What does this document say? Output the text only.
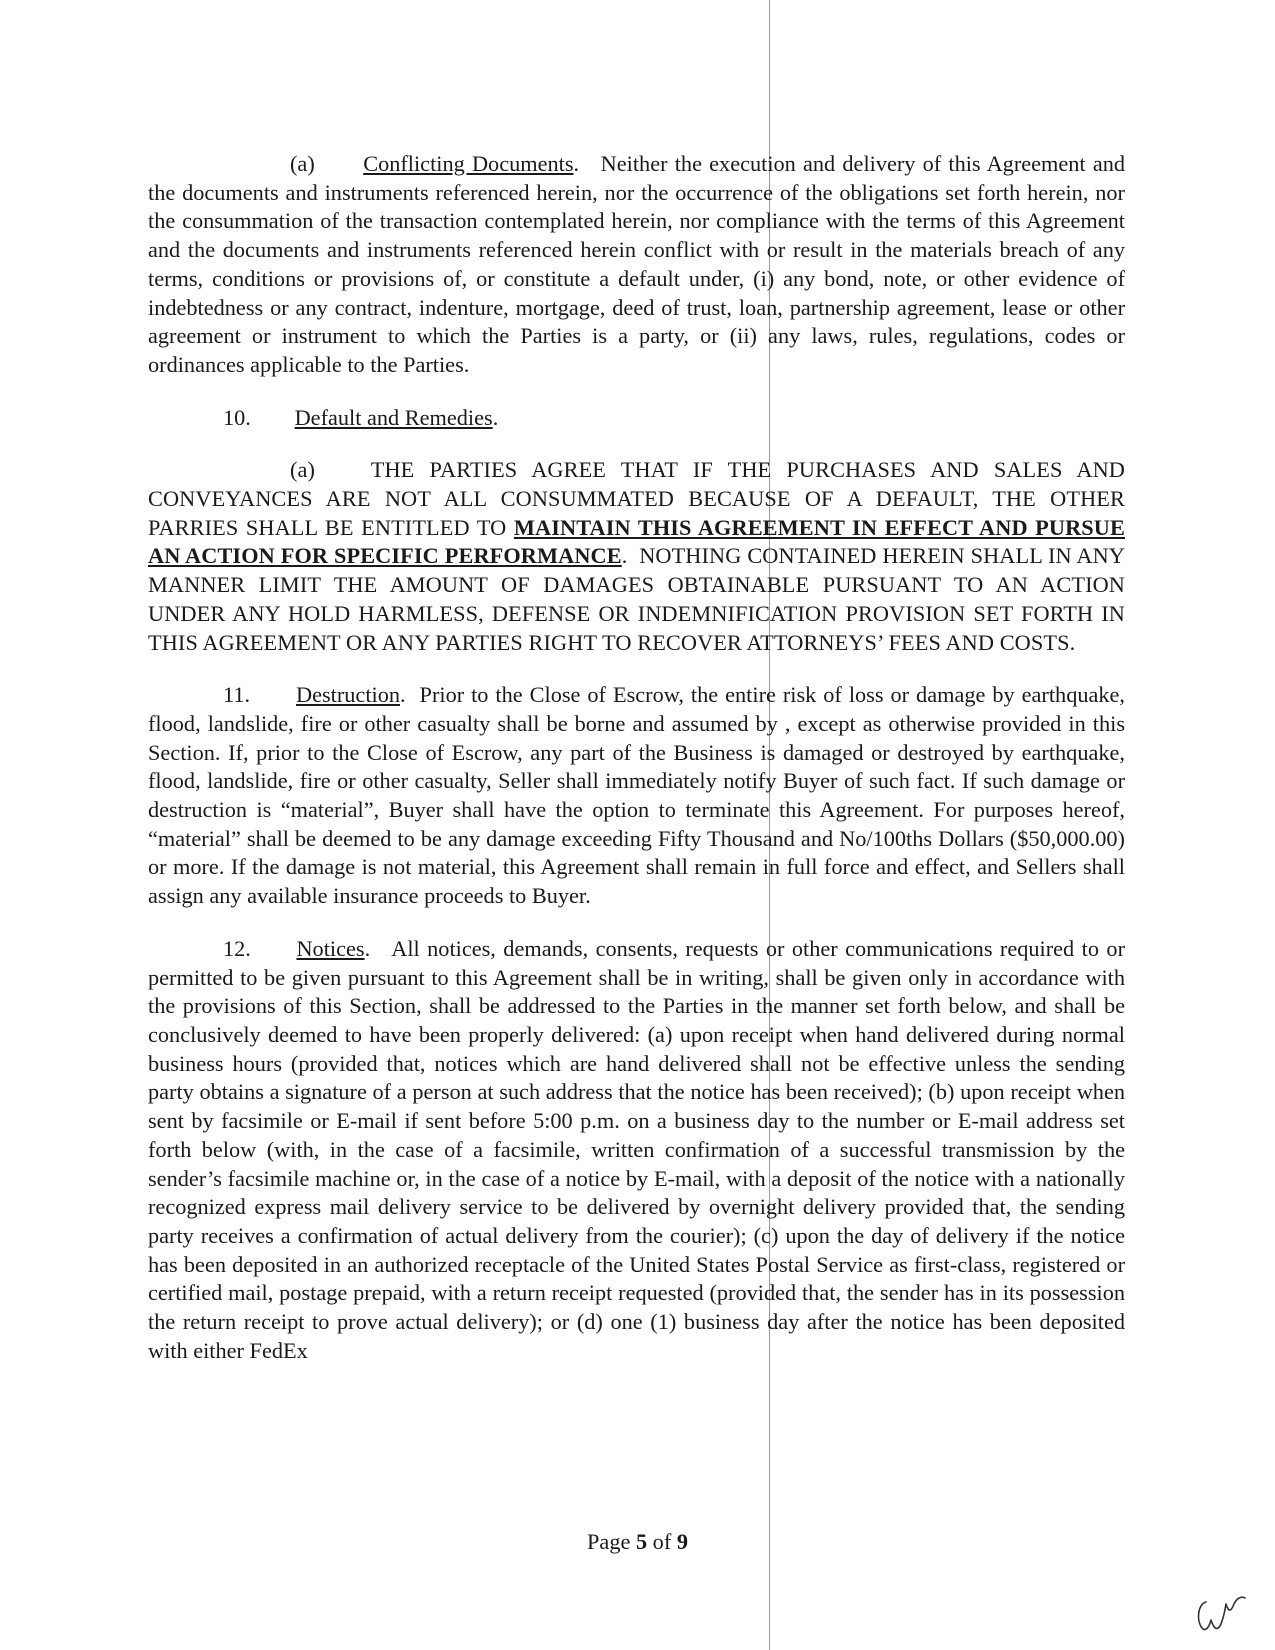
(a) Conflicting Documents.   Neither the execution and delivery of this Agreement and the documents and instruments referenced herein, nor the occurrence of the obligations set forth herein, nor the consummation of the transaction contemplated herein, nor compliance with the terms of this Agreement and the documents and instruments referenced herein conflict with or result in the materials breach of any terms, conditions or provisions of, or constitute a default under, (i) any bond, note, or other evidence of indebtedness or any contract, indenture, mortgage, deed of trust, loan, partnership agreement, lease or other agreement or instrument to which the Parties is a party, or (ii) any laws, rules, regulations, codes or ordinances applicable to the Parties.

10. Default and Remedies.

(a) THE PARTIES AGREE THAT IF THE PURCHASES AND SALES AND CONVEYANCES ARE NOT ALL CONSUMMATED BECAUSE OF A DEFAULT, THE OTHER PARRIES SHALL BE ENTITLED TO MAINTAIN THIS AGREEMENT IN EFFECT AND PURSUE AN ACTION FOR SPECIFIC PERFORMANCE.  NOTHING CONTAINED HEREIN SHALL IN ANY MANNER LIMIT THE AMOUNT OF DAMAGES OBTAINABLE PURSUANT TO AN ACTION UNDER ANY HOLD HARMLESS, DEFENSE OR INDEMNIFICATION PROVISION SET FORTH IN THIS AGREEMENT OR ANY PARTIES RIGHT TO RECOVER ATTORNEYS’ FEES AND COSTS.

11. Destruction.  Prior to the Close of Escrow, the entire risk of loss or damage by earthquake, flood, landslide, fire or other casualty shall be borne and assumed by , except as otherwise provided in this Section. If, prior to the Close of Escrow, any part of the Business is damaged or destroyed by earthquake, flood, landslide, fire or other casualty, Seller shall immediately notify Buyer of such fact. If such damage or destruction is “material”, Buyer shall have the option to terminate this Agreement. For purposes hereof, “material” shall be deemed to be any damage exceeding Fifty Thousand and No/100ths Dollars ($50,000.00) or more. If the damage is not material, this Agreement shall remain in full force and effect, and Sellers shall assign any available insurance proceeds to Buyer.

12. Notices.   All notices, demands, consents, requests or other communications required to or permitted to be given pursuant to this Agreement shall be in writing, shall be given only in accordance with the provisions of this Section, shall be addressed to the Parties in the manner set forth below, and shall be conclusively deemed to have been properly delivered: (a) upon receipt when hand delivered during normal business hours (provided that, notices which are hand delivered shall not be effective unless the sending party obtains a signature of a person at such address that the notice has been received); (b) upon receipt when sent by facsimile or E-mail if sent before 5:00 p.m. on a business day to the number or E-mail address set forth below (with, in the case of a facsimile, written confirmation of a successful transmission by the sender’s facsimile machine or, in the case of a notice by E-mail, with a deposit of the notice with a nationally recognized express mail delivery service to be delivered by overnight delivery provided that, the sending party receives a confirmation of actual delivery from the courier); (c) upon the day of delivery if the notice has been deposited in an authorized receptacle of the United States Postal Service as first-class, registered or certified mail, postage prepaid, with a return receipt requested (provided that, the sender has in its possession the return receipt to prove actual delivery); or (d) one (1) business day after the notice has been deposited with either FedEx

Page 5 of 9
